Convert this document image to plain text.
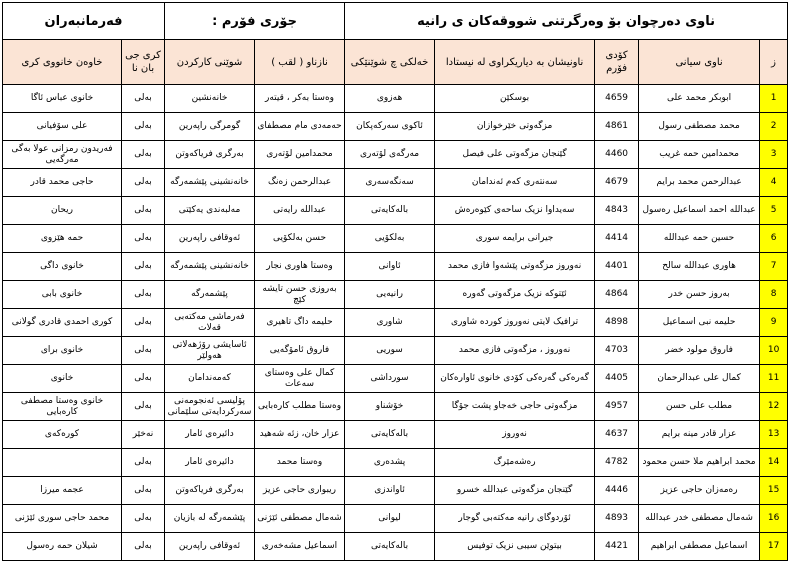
ناوی دەرچوان بۆ وەرگرتنی شووقەکان ی رانیە					جۆری فۆرم :		فەرمانبەران	
ز	ناوی سیانی	کۆدی فۆرم	ناونیشان بە دیاریکراوی لە نیستادا	خەلکی چ شوێنێکی	نازناو ( لقب )	شوێنی کارکردن	کری جی بان نا	خاوەن خانووی کری
1	ابوبکر محمد علی	4659	بوسکێن	هەزوی	وەستا بەکر ، قیتەر	خانەنشین	بەلی	خانوی عباس ئاگا
2	محمد مصطفی رسول	4861	مزگەوتی خێرخوازان	ئاکوی سەرکەپکان	حەمەدی مام مصطفای	گومرگی راپەرین	بەلی	علی سۆفیانی
3	محمدامین حمە غریب	4460	گێنجان مزگەوتی علی فیصل	مەرگەی لۆتەری	محمدامین لۆتەری	بەرگری فریاکەوتن	بەلی	فەریدون رمزانی عولا بەگی مەرگەیی
4	عبدالرحمن محمد برایم	4679	سەنتەری کەم ئەندامان	سەنگەسەری	عبدالرحمن زەنگ	خانەنشینی پێشمەرگە	بەلی	حاجی محمد قادر
5	عبداللە احمد اسماعیل رەسول	4843	سەیداوا نزیک ساحەی کێوەرەش	بالەکایەتی	عبداللە رایەتی	مەلبەندی یەکێتی	بەلی	ریحان
6	حسین حمە عبداللە	4414	جیرانی برایمە سوری	بەلکۆیی	حسن بەلکۆیی	ئەوقافی راپەرین	بەلی	حمە هێزوی
7	هاوری عبداللە سالح	4401	نەوروز مزگەوتی پێشەوا فازی محمد	ئاوانی	وەستا هاوری نجار	خانەنشینی پێشمەرگە	بەلی	خانوی داگی
8	بەروز حسن خدر	4864	ئێتوکە نزیک مزگەوتی گەورە	رانیەیی	بەروزی حسن تایشە کێچ	پێشمەرگە	بەلی	خانوی بابی
9	حلیمە نبی اسماعیل	4898	ترافیک لایتی نەوروز کوردە شاوری	شاوری	حلیمە داگ تاهیری	فەرماشی مەکتەبی قەلات	بەلی	کوری احمدی قادری گولانی
10	فاروق مولود خضر	4703	نەوروز ، مزگەوتی فازی محمد	سوریی	فاروق ئامۆگەیی	ئاسایشی رۆژهەلاتی هەولێر	بەلی	خانوی برای
11	کمال علی عبدالرحمان	4405	گەرەکی گەرەکی کۆدی خانوی ئاوارەکان	سورداشی	کمال علی وەستای سەعات	کەمەندامان	بەلی	خانوی
12	مطلب علی حسن	4957	مزگەوتی حاجی خەجاو پشت جۆگا	خۆشناو	وەستا مطلب کارەبایی	پۆلیسی ئەنجومەنی سەرکردایەتی سلێمانی	بەلی	خانوی وەستا مصطفی کارەبایی
13	عزار قادر مینە برایم	4637	نەوروز	بالەکایەتی	عزار خان، زئە شەهید	دائیرەی ئامار	نەخێر	کورەکەی
14	محمد ابراهیم ملا حسن محمود	4782	رەشەمێرگ	پشدەری	وەستا محمد	دائیرەی ئامار	بەلی	
15	رەمەزان حاجی عزیز	4446	گێنجان مزگەوتی عبداللە خسرو	ئاواندزی	ریبواری حاجی عزیز	بەرگری فریاکەوتن	بەلی	عجمە میرزا
16	شەمال مصطفی خدر عبداللە	4893	ئۆردوگای رانیە مەکتەبی گوجار	لیوانی	شەمال مصطفی ئێژنی	پێشمەرگە لە بازیان	بەلی	محمد حاجی سوری ئێژنی
17	اسماعیل مصطفی ابراهیم	4421	بیتوێن سیبی نزیک توفیس	بالەکایەتی	اسماعیل مشەخەری	ئەوقافی راپەرین	بەلی	شیلان حمە رەسول
